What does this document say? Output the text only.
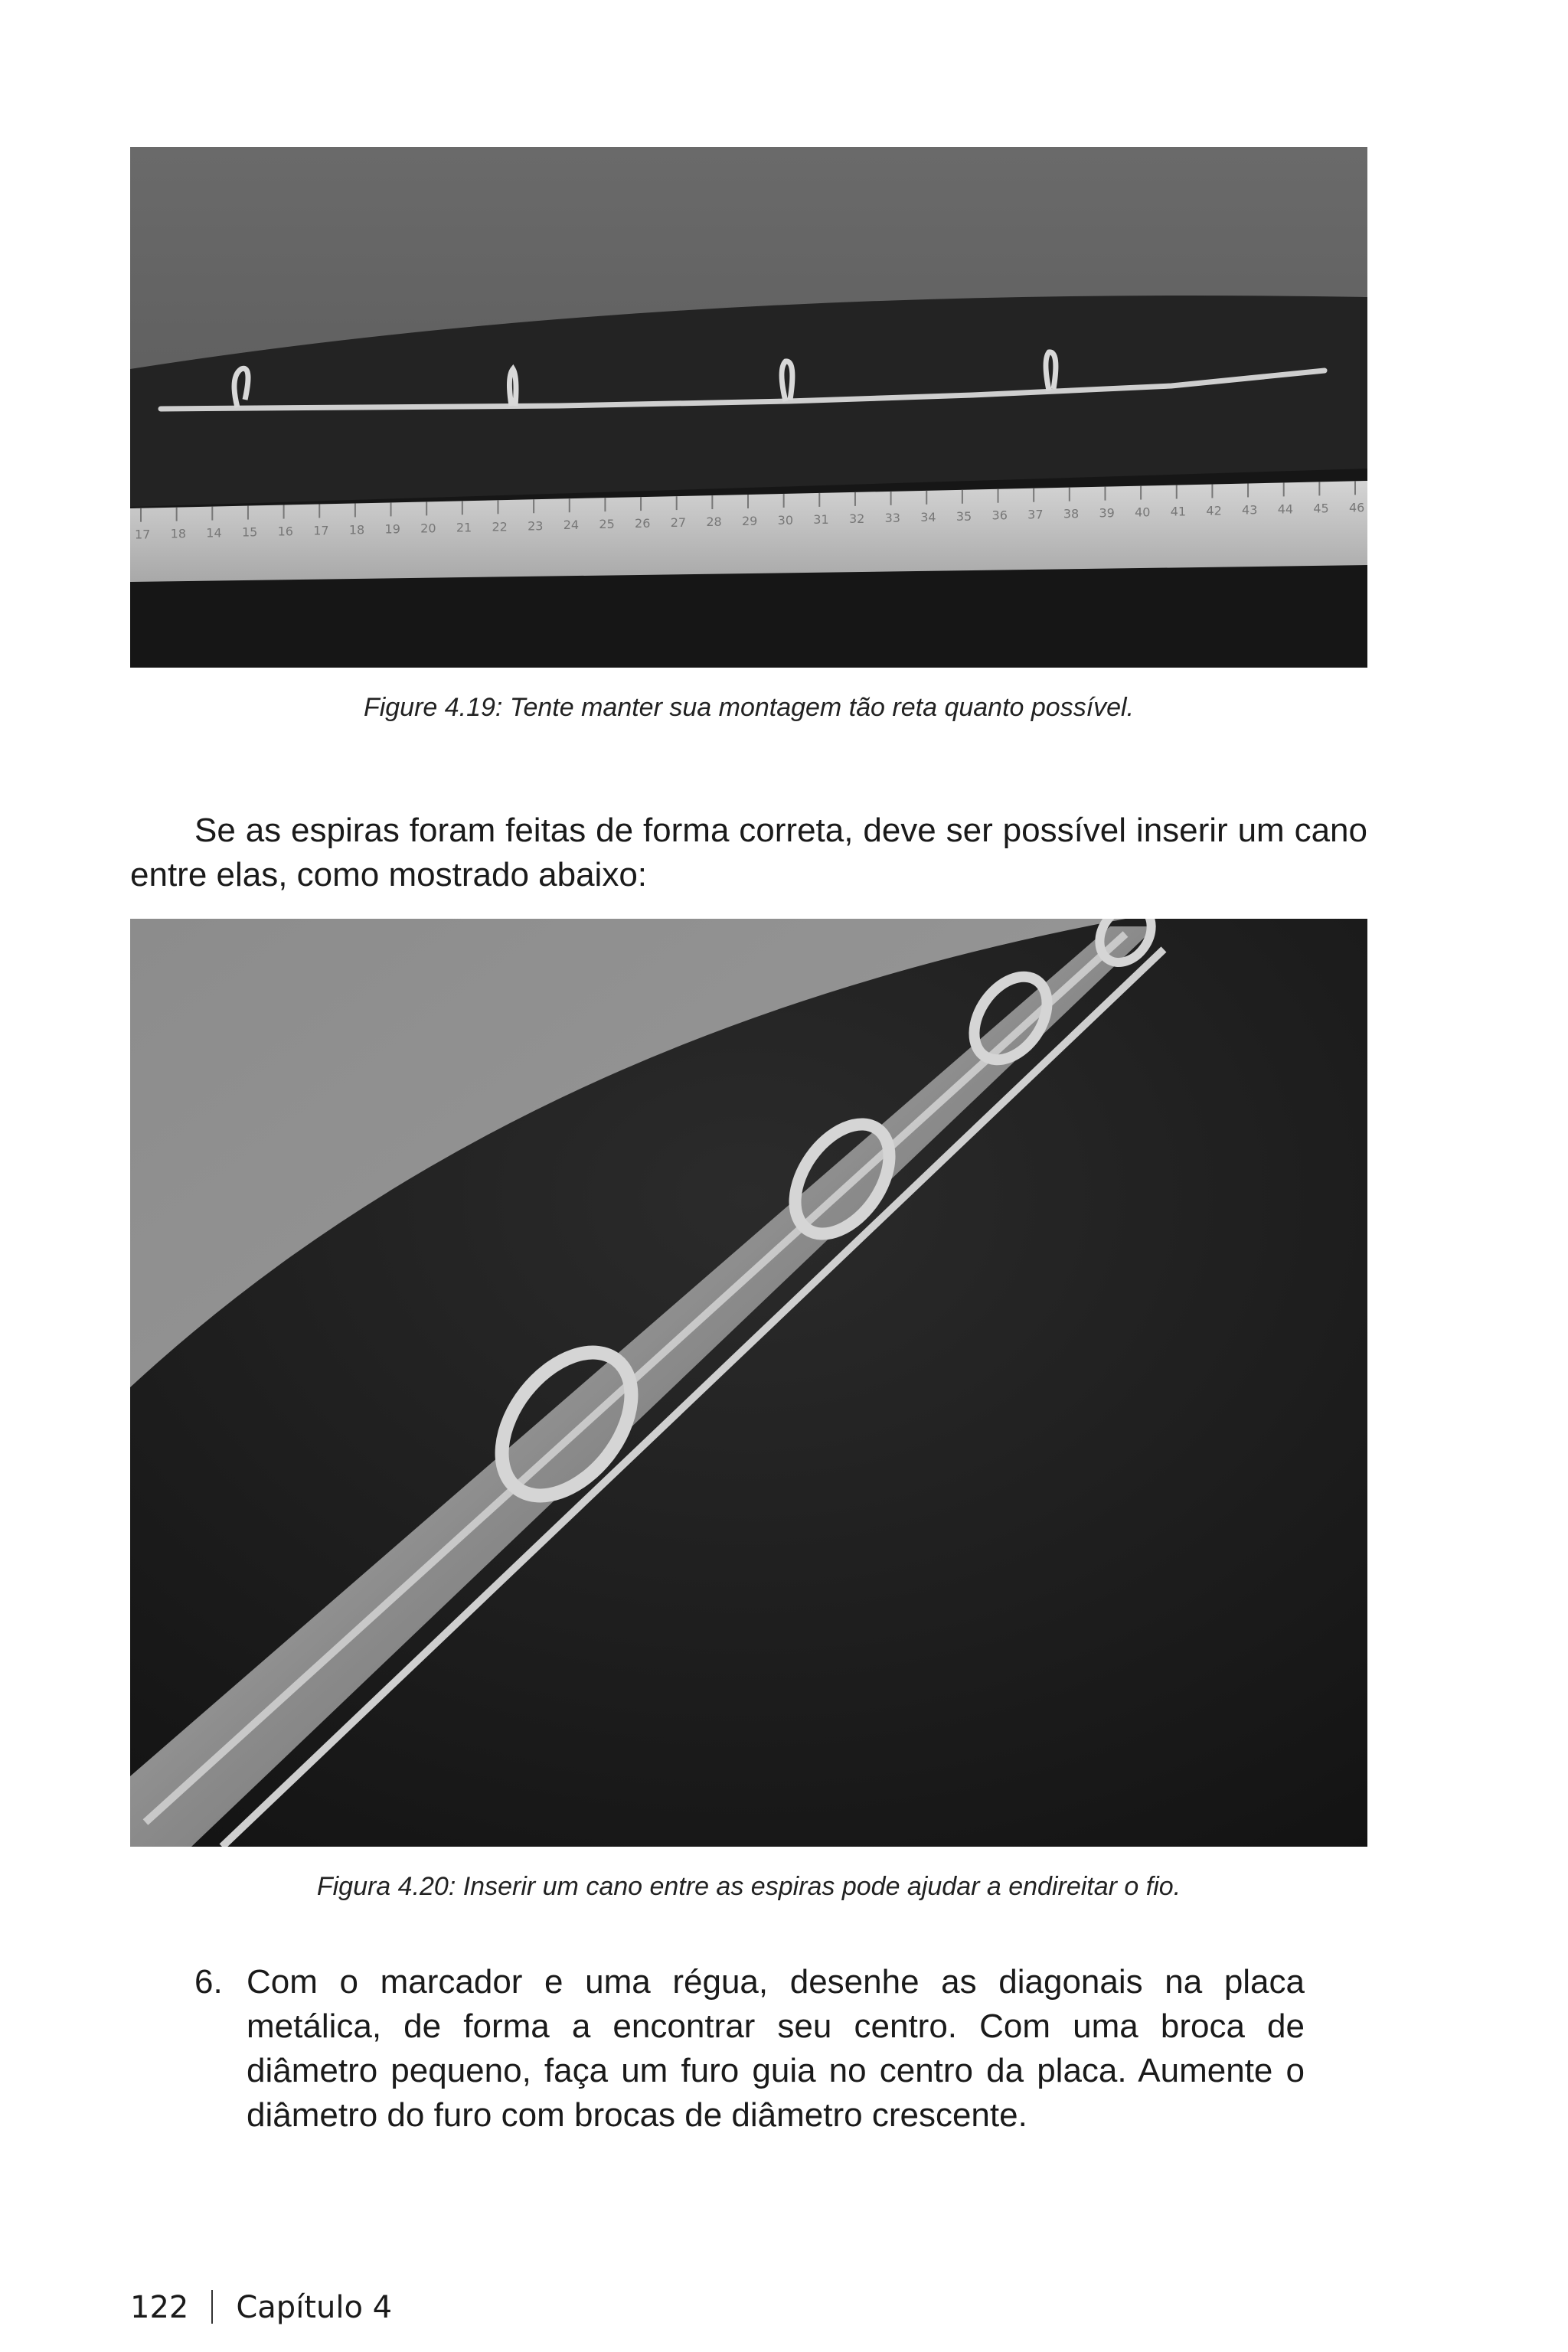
17 18 14 15 16 17 18 19 20 21 22 23 24 25 26 27 28 29 30 31 32 33 34 35 36 37 38 39 40 41 42 43 44 45 46
Figure 4.19: Tente manter sua montagem tão reta quanto possível.

Se as espiras foram feitas de forma correta, deve ser possível inserir um cano entre elas, como mostrado abaixo:

Figura 4.20: Inserir um cano entre as espiras pode ajudar a endireitar o fio.
6. Com o marcador e uma régua, desenhe as diagonais na placa metálica, de forma a encontrar seu centro. Com uma broca de diâmetro pequeno, faça um furo guia no centro da placa. Aumente o diâmetro do furo com brocas de diâmetro crescente.
122 Capítulo 4
